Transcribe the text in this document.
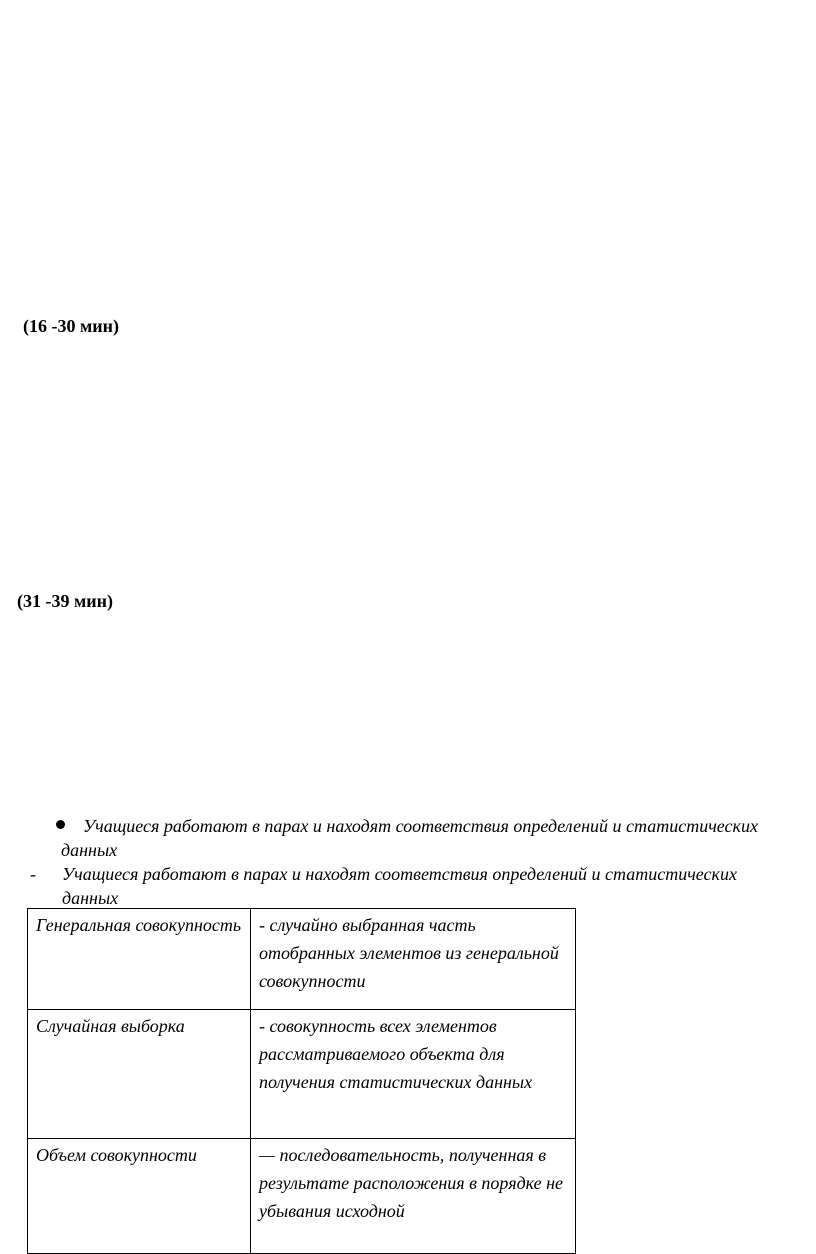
(16 -30 мин)
(31 -39 мин)
Учащиеся работают в парах и находят соответствия определений и статистических данных
- Учащиеся работают в парах и находят соответствия определений и статистических данных
Генеральная совокупность	- случайно выбранная часть отобранных элементов из генеральной совокупности
Случайная выборка	- совокупность всех элементов рассматриваемого объекта для получения статистических данных
Объем совокупности	— последовательность, полученная в результате расположения в порядке не убывания исходной
